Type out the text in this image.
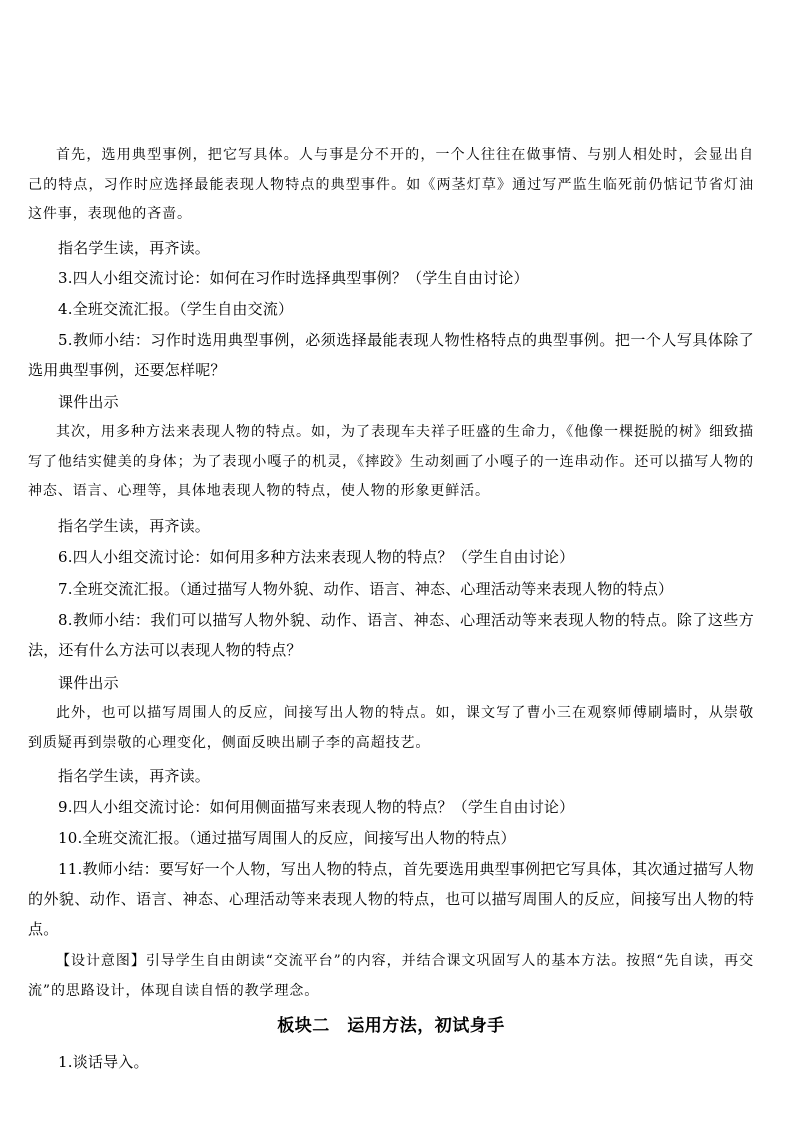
首先，选用典型事例，把它写具体。人与事是分不开的，一个人往往在做事情、与别人相处时，会显出自己的特点，习作时应选择最能表现人物特点的典型事件。如《两茎灯草》通过写严监生临死前仍惦记节省灯油这件事，表现他的吝啬。

指名学生读，再齐读。

3.四人小组交流讨论：如何在习作时选择典型事例？（学生自由讨论）

4.全班交流汇报。（学生自由交流）

5.教师小结：习作时选用典型事例，必须选择最能表现人物性格特点的典型事例。把一个人写具体除了选用典型事例，还要怎样呢？

课件出示

其次，用多种方法来表现人物的特点。如，为了表现车夫祥子旺盛的生命力，《他像一棵挺脱的树》细致描写了他结实健美的身体；为了表现小嘎子的机灵，《摔跤》生动刻画了小嘎子的一连串动作。还可以描写人物的神态、语言、心理等，具体地表现人物的特点，使人物的形象更鲜活。

指名学生读，再齐读。

6.四人小组交流讨论：如何用多种方法来表现人物的特点？（学生自由讨论）

7.全班交流汇报。（通过描写人物外貌、动作、语言、神态、心理活动等来表现人物的特点）

8.教师小结：我们可以描写人物外貌、动作、语言、神态、心理活动等来表现人物的特点。除了这些方法，还有什么方法可以表现人物的特点？

课件出示

此外，也可以描写周围人的反应，间接写出人物的特点。如，课文写了曹小三在观察师傅刷墙时，从崇敬到质疑再到崇敬的心理变化，侧面反映出刷子李的高超技艺。

指名学生读，再齐读。

9.四人小组交流讨论：如何用侧面描写来表现人物的特点？（学生自由讨论）

10.全班交流汇报。（通过描写周围人的反应，间接写出人物的特点）

11.教师小结：要写好一个人物，写出人物的特点，首先要选用典型事例把它写具体，其次通过描写人物的外貌、动作、语言、神态、心理活动等来表现人物的特点，也可以描写周围人的反应，间接写出人物的特点。

【设计意图】引导学生自由朗读“交流平台”的内容，并结合课文巩固写人的基本方法。按照“先自读，再交流”的思路设计，体现自读自悟的教学理念。

板块二　运用方法，初试身手

1.谈话导入。
